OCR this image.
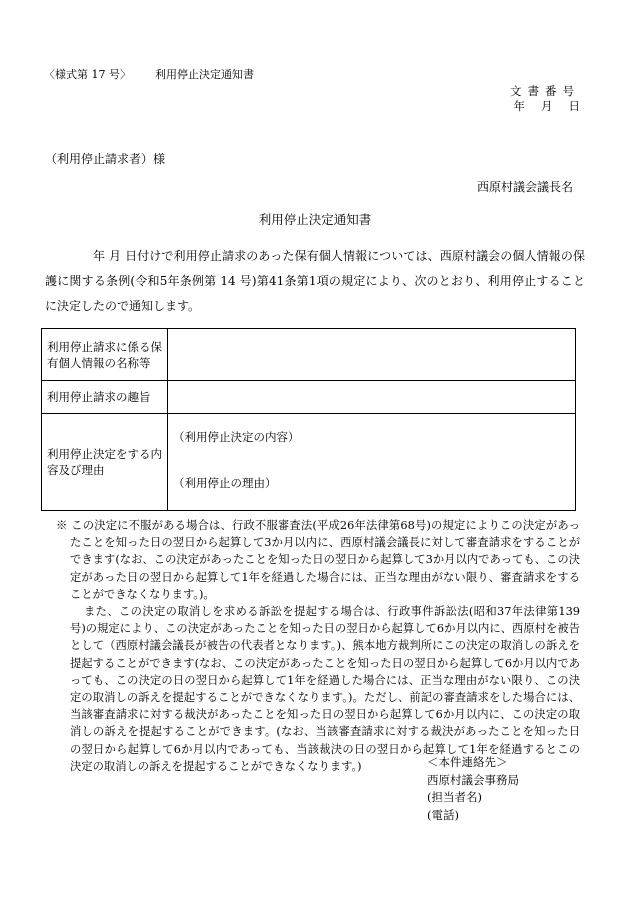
〈様式第 17 号〉 利用停止決定通知書
文書番号
年 月 日
（利用停止請求者）様
西原村議会議長名
利用停止決定通知書
年 月 日付けで利用停止請求のあった保有個人情報については、西原村議会の個人情報の保護に関する条例(令和5年条例第 14 号)第41条第1項の規定により、次のとおり、利用停止することに決定したので通知します。
利用停止請求に係る保有個人情報の名称等	
利用停止請求の趣旨	
利用停止決定をする内容及び理由	（利用停止決定の内容）
（利用停止の理由）

※ この決定に不服がある場合は、行政不服審査法(平成26年法律第68号)の規定によりこの決定があったことを知った日の翌日から起算して3か月以内に、西原村議会議長に対して審査請求をすることができます(なお、この決定があったことを知った日の翌日から起算して3か月以内であっても、この決定があった日の翌日から起算して1年を経過した場合には、正当な理由がない限り、審査請求をすることができなくなります。)。

また、この決定の取消しを求める訴訟を提起する場合は、行政事件訴訟法(昭和37年法律第139号)の規定により、この決定があったことを知った日の翌日から起算して6か月以内に、西原村を被告として（西原村議会議長が被告の代表者となります。)、熊本地方裁判所にこの決定の取消しの訴えを提起することができます(なお、この決定があったことを知った日の翌日から起算して6か月以内であっても、この決定の日の翌日から起算して1年を経過した場合には、正当な理由がない限り、この決定の取消しの訴えを提起することができなくなります。)。ただし、前記の審査請求をした場合には、当該審査請求に対する裁決があったことを知った日の翌日から起算して6か月以内に、この決定の取消しの訴えを提起することができます。(なお、当該審査請求に対する裁決があったことを知った日の翌日から起算して6か月以内であっても、当該裁決の日の翌日から起算して1年を経過するとこの決定の取消しの訴えを提起することができなくなります。)	＜本件連絡先＞
西原村議会事務局
(担当者名)
(電話)
